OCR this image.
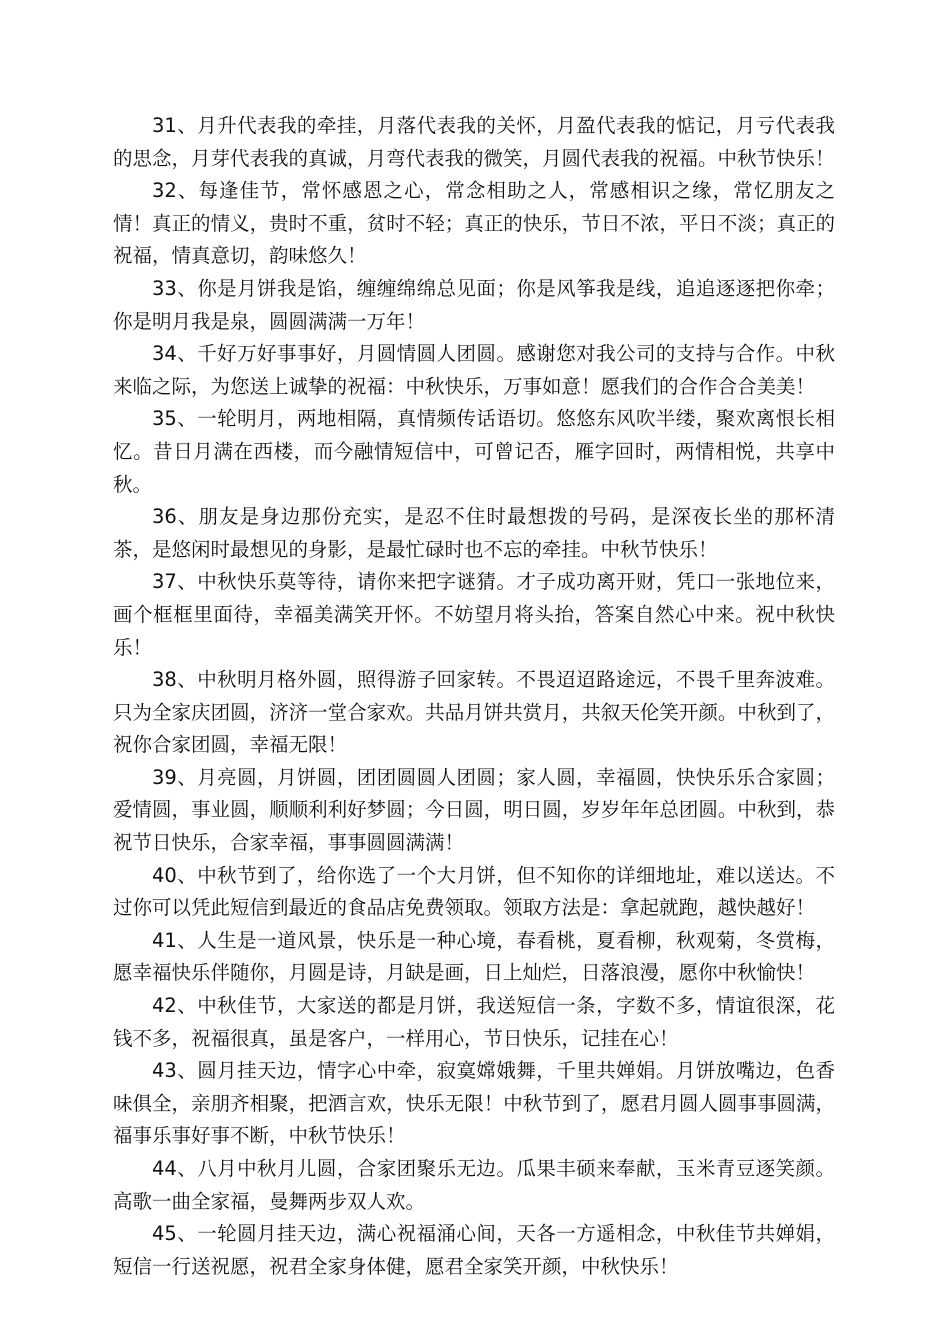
31、月升代表我的牵挂，月落代表我的关怀，月盈代表我的惦记，月亏代表我的思念，月芽代表我的真诚，月弯代表我的微笑，月圆代表我的祝福。中秋节快乐！

32、每逢佳节，常怀感恩之心，常念相助之人，常感相识之缘，常忆朋友之情！真正的情义，贵时不重，贫时不轻；真正的快乐，节日不浓，平日不淡；真正的祝福，情真意切，韵味悠久！

33、你是月饼我是馅，缠缠绵绵总见面；你是风筝我是线，追追逐逐把你牵；你是明月我是泉，圆圆满满一万年！

34、千好万好事事好，月圆情圆人团圆。感谢您对我公司的支持与合作。中秋来临之际，为您送上诚挚的祝福：中秋快乐，万事如意！愿我们的合作合合美美！

35、一轮明月，两地相隔，真情频传话语切。悠悠东风吹半缕，聚欢离恨长相忆。昔日月满在西楼，而今融情短信中，可曾记否，雁字回时，两情相悦，共享中秋。

36、朋友是身边那份充实，是忍不住时最想拨的号码，是深夜长坐的那杯清茶，是悠闲时最想见的身影，是最忙碌时也不忘的牵挂。中秋节快乐！

37、中秋快乐莫等待，请你来把字谜猜。才子成功离开财，凭口一张地位来，画个框框里面待，幸福美满笑开怀。不妨望月将头抬，答案自然心中来。祝中秋快乐！

38、中秋明月格外圆，照得游子回家转。不畏迢迢路途远，不畏千里奔波难。只为全家庆团圆，济济一堂合家欢。共品月饼共赏月，共叙天伦笑开颜。中秋到了，祝你合家团圆，幸福无限！

39、月亮圆，月饼圆，团团圆圆人团圆；家人圆，幸福圆，快快乐乐合家圆；爱情圆，事业圆，顺顺利利好梦圆；今日圆，明日圆，岁岁年年总团圆。中秋到，恭祝节日快乐，合家幸福，事事圆圆满满！

40、中秋节到了，给你选了一个大月饼，但不知你的详细地址，难以送达。不过你可以凭此短信到最近的食品店免费领取。领取方法是：拿起就跑，越快越好！

41、人生是一道风景，快乐是一种心境，春看桃，夏看柳，秋观菊，冬赏梅，愿幸福快乐伴随你，月圆是诗，月缺是画，日上灿烂，日落浪漫，愿你中秋愉快！

42、中秋佳节，大家送的都是月饼，我送短信一条，字数不多，情谊很深，花钱不多，祝福很真，虽是客户，一样用心，节日快乐，记挂在心！

43、圆月挂天边，情字心中牵，寂寞嫦娥舞，千里共婵娟。月饼放嘴边，色香味俱全，亲朋齐相聚，把酒言欢，快乐无限！中秋节到了，愿君月圆人圆事事圆满，福事乐事好事不断，中秋节快乐！

44、八月中秋月儿圆，合家团聚乐无边。瓜果丰硕来奉献，玉米青豆逐笑颜。高歌一曲全家福，曼舞两步双人欢。

45、一轮圆月挂天边，满心祝福涌心间，天各一方遥相念，中秋佳节共婵娟，短信一行送祝愿，祝君全家身体健，愿君全家笑开颜，中秋快乐！
